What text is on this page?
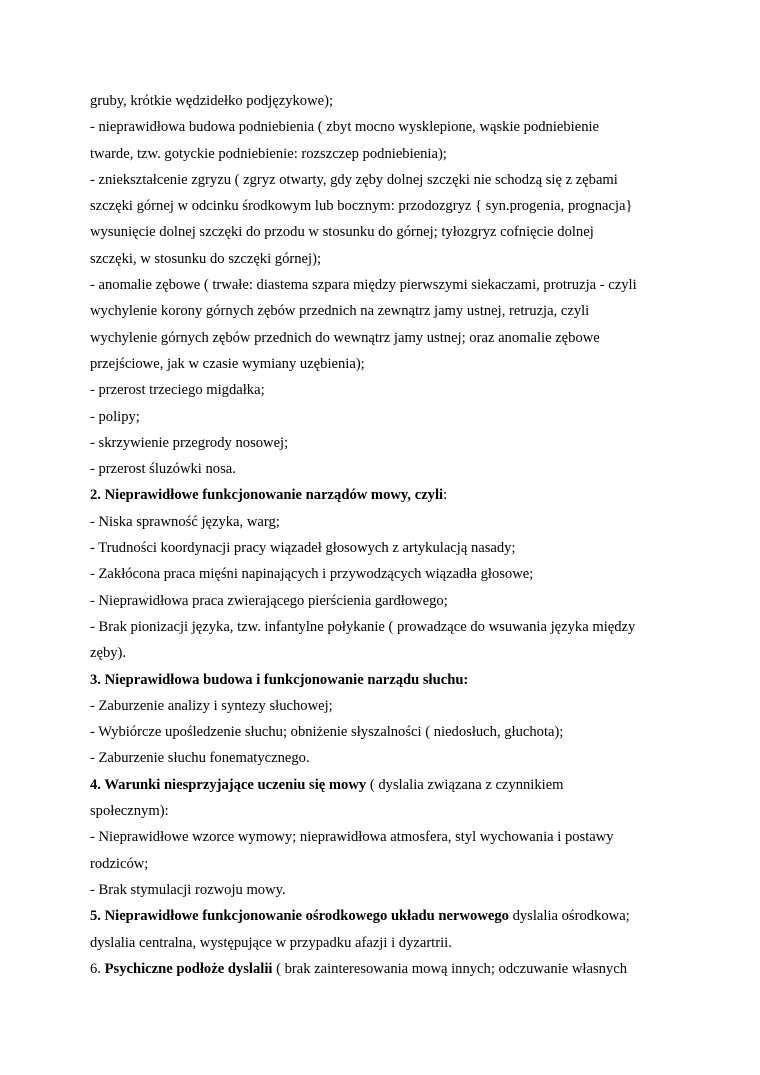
gruby, krótkie wędzidełko podjęzykowe);
- nieprawidłowa budowa podniebienia ( zbyt mocno wysklepione, wąskie podniebienie
twarde, tzw. gotyckie podniebienie: rozszczep podniebienia);
- zniekształcenie zgryzu ( zgryz otwarty, gdy zęby dolnej szczęki nie schodzą się z zębami
szczęki górnej w odcinku środkowym lub bocznym: przodozgryz { syn.progenia, prognacja}
wysunięcie dolnej szczęki do przodu w stosunku do górnej; tyłozgryz cofnięcie dolnej
szczęki, w stosunku do szczęki górnej);
- anomalie zębowe ( trwałe: diastema szpara między pierwszymi siekaczami, protruzja - czyli
wychylenie korony górnych zębów przednich na zewnątrz jamy ustnej, retruzja, czyli
wychylenie górnych zębów przednich do wewnątrz jamy ustnej; oraz anomalie zębowe
przejściowe, jak w czasie wymiany uzębienia);
- przerost trzeciego migdałka;
- polipy;
- skrzywienie przegrody nosowej;
- przerost śluzówki nosa.
2. Nieprawidłowe funkcjonowanie narządów mowy, czyli:
- Niska sprawność języka, warg;
- Trudności koordynacji pracy wiązadeł głosowych z artykulacją nasady;
- Zakłócona praca mięśni napinających i przywodzących wiązadła głosowe;
- Nieprawidłowa praca zwierającego pierścienia gardłowego;
- Brak pionizacji języka, tzw. infantylne połykanie ( prowadzące do wsuwania języka między
zęby).
3. Nieprawidłowa budowa i funkcjonowanie narządu słuchu:
- Zaburzenie analizy i syntezy słuchowej;
- Wybiórcze upośledzenie słuchu; obniżenie słyszalności ( niedosłuch, głuchota);
- Zaburzenie słuchu fonematycznego.
4. Warunki niesprzyjające uczeniu się mowy ( dyslalia związana z czynnikiem
społecznym):
- Nieprawidłowe wzorce wymowy; nieprawidłowa atmosfera, styl wychowania i postawy
rodziców;
- Brak stymulacji rozwoju mowy.
5. Nieprawidłowe funkcjonowanie ośrodkowego układu nerwowego dyslalia ośrodkowa;
dyslalia centralna, występujące w przypadku afazji i dyzartrii.
6. Psychiczne podłoże dyslalii ( brak zainteresowania mową innych; odczuwanie własnych
